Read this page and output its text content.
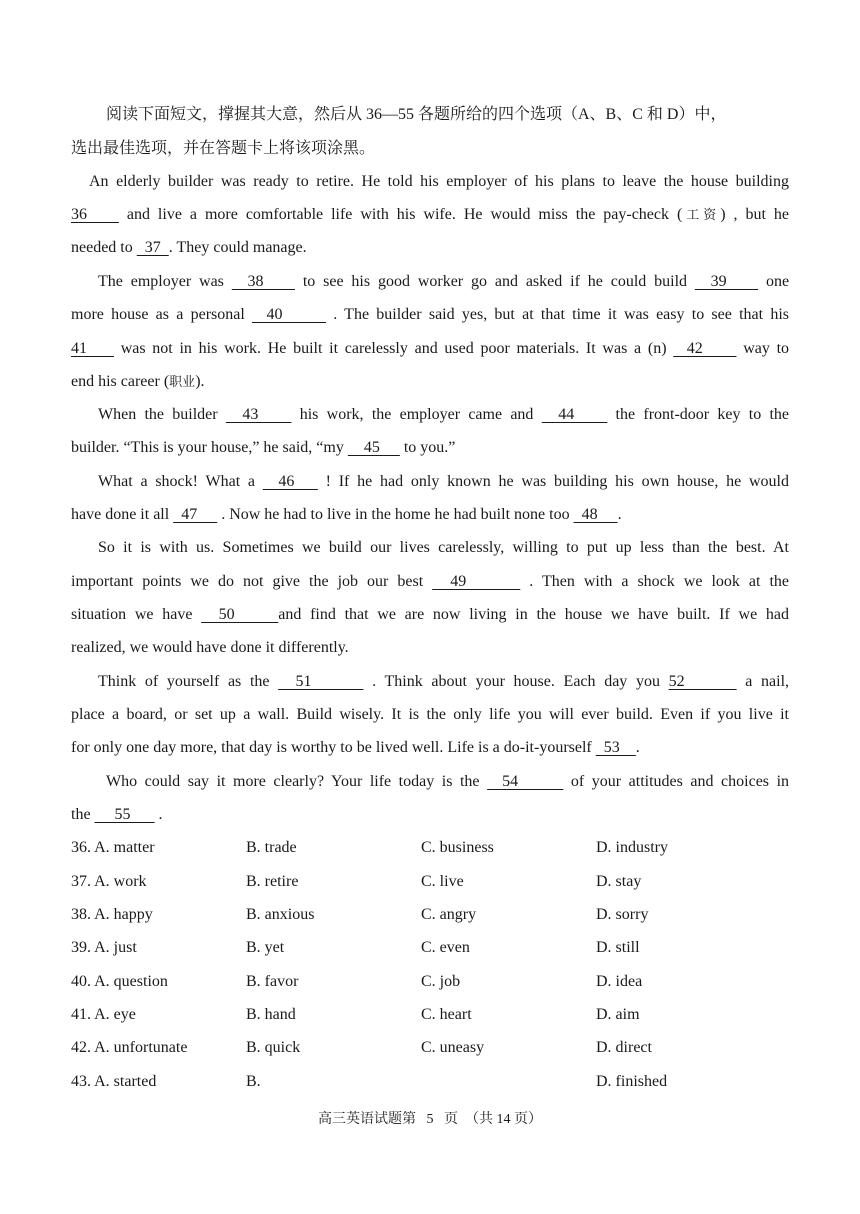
阅读下面短文，撑握其大意，然后从 36—55 各题所给的四个选项（A、B、C 和 D）中，
选出最佳选项，并在答题卡上将该项涂黑。
An elderly builder was ready to retire. He told his employer of his plans to leave the house building
36     and live a more comfortable life with his wife. He would miss the pay-check (工资) , but he
needed to   37  . They could manage.
The employer was   38     to see his good worker go and asked if he could build   39     one
more house as a personal   40       . The builder said yes, but at that time it was easy to see that his
41     was not in his work. He built it carelessly and used poor materials. It was a (n)   42      way to
end his career (职业).
When the builder   43     his work, the employer came and   44     the front-door key to the
builder. “This is your house,” he said, “my     45      to you.”
What a shock! What a   46    ! If he had only known he was building his own house, he would
have done it all   47      . Now he had to live in the home he had built none too   48     .
So it is with us. Sometimes we build our lives carelessly, willing to put up less than the best. At
important points we do not give the job our best   49       . Then with a shock we look at the
situation we have   50     and find that we are now living in the house we have built. If we had
realized, we would have done it differently.
Think of yourself as the   51       . Think about your house. Each day you 52       a nail,
place a board, or set up a wall. Build wisely. It is the only life you will ever build. Even if you live it
for only one day more, that day is worthy to be lived well. Life is a do-it-yourself   53    .
Who could say it more clearly? Your life today is the   54       of your attitudes and choices in
the      55       .
36. A. matter	B. trade	C. business	D. industry
37. A. work	B. retire	C. live	D. stay
38. A. happy	B. anxious	C. angry	D. sorry
39. A. just	B. yet	C. even	D. still
40. A. question	B. favor	C. job	D. idea
41. A. eye	B. hand	C. heart	D. aim
42. A. unfortunate	B. quick	C. uneasy	D. direct
43. A. started	B.	D. finished
高三英语试题第   5   页  （共 14 页）
